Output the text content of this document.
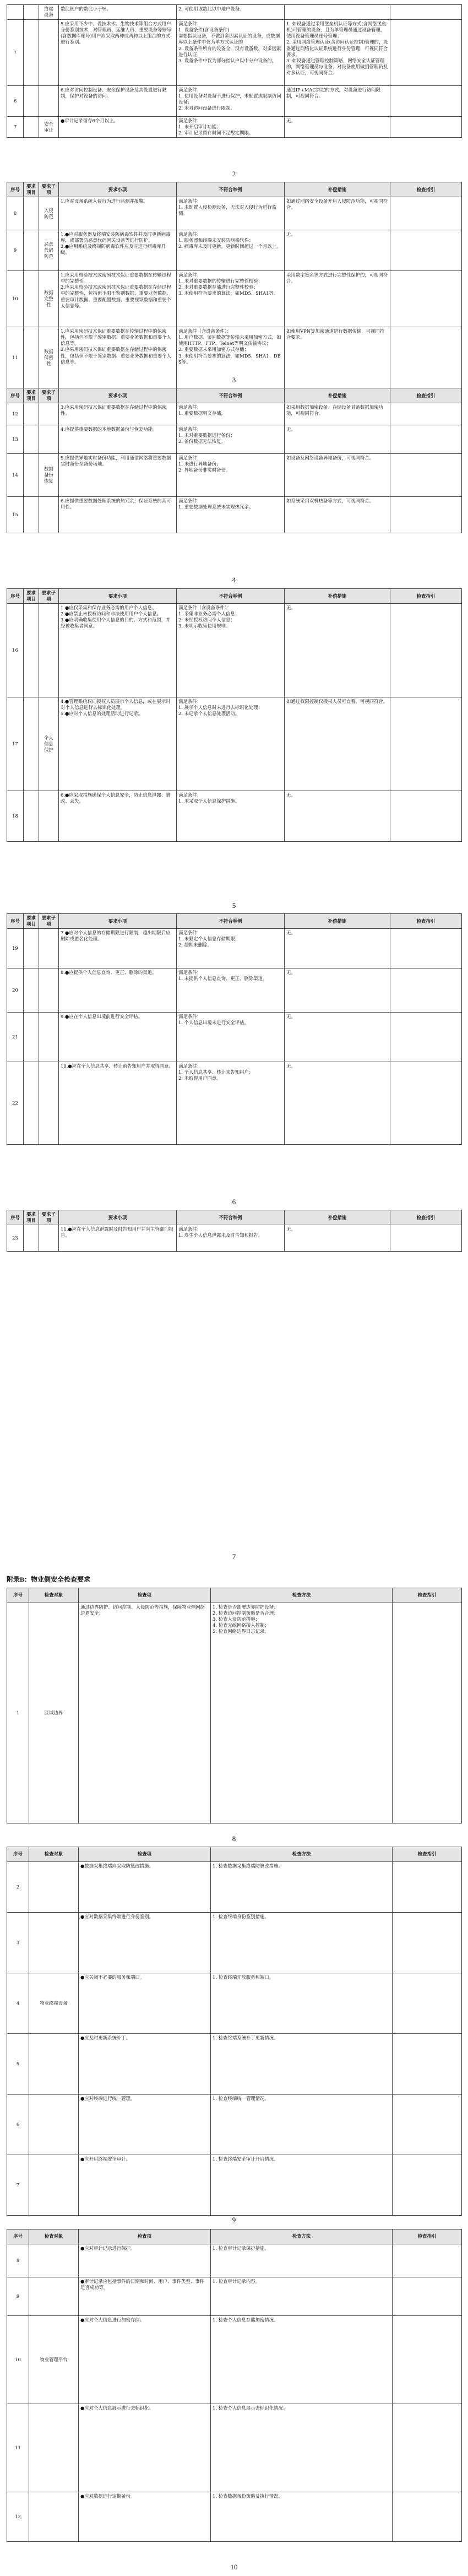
		终端
设备	数比例户的数比小于%。	2. 可使用该数比以中地户设备。		
7			5.应采用不少中、设技术术、生物技术等组合方式用户身份鉴别技术，对管理员、运维人员、重要设备等账号(含数据库账号)用户应采取两种或两种以上组合的方式进行鉴别。	满足条件：
1. 设备条件(含设备条件)
需要指认设备，不做到多因素认证的设备，或数据库以上条件中仅为单方式认证的
2. 设备条件所有的设备全，没有设备数，对多因素进行认证
3. 设备条件中仅为部分指认户以中分户设备的。	1. 如设备通过采用堡垒机认证等方式(含网络堡垒机)可管理的设备，且为单管理员通过设备管理，使用设备管理员账号管理；
2. 采用网络管理认证(含访问认证控制)管理的，设备通过网络化认证系统进行身份管理，可视同符合要求。
3. 如设备通过管理控制策略，网络安全认证管理的，网络管理员与设备，对设备使用做到管理员及对多认证，可视同符合。	
6			6.应对访问控制设备、安全保护设备及其设置进行限制，保护对设备的访问。	满足条件：
1. 使用设备对设备不进行保护，未配置或限制访问设备；
2. 未对访问设备进行限制。	通过IP+MAC绑定的方式，对设备进行访问限制，可视同符合。	
7		安全
审计	●审计记录留存6个月以上。	满足条件：
1. 未开启审计功能；
2. 审计记录留存时间不足规定期限。	无。	
2
序号	要求项目	要求子项	要求小项	不符合举例	补偿措施	检查指引
8		入侵
防范	1.应对设备系统入侵行为进行监测并报警。	满足条件：
1. 未配置入侵检测设备，无法对入侵行为进行监测。	如通过网络安全设备开启入侵防范功能，可视同符合。	
9		恶意
代码
防范	1.●应对服务器及终端安装防病毒软件并及时更新病毒库，或部署防恶意代码网关设备等进行防护。
2.●应用系统及终端防病毒软件应及时进行病毒库升级。	满足条件：
1. 服务器和终端未安装防病毒软件；
2. 病毒库未及时更新，更新时间超过一个月以上。	无。	
10		数据
完整
性	1.应采用校验技术或密码技术保证重要数据在传输过程中的完整性。
2.应采用校验技术或密码技术保证重要数据在存储过程中的完整性，包括但不限于鉴别数据、重要业务数据、重要审计数据、重要配置数据、重要视频数据和重要个人信息等。	满足条件：
1. 未对重要数据的传输进行完整性校验；
2. 未对重要数据存储进行完整性校验；
3. 未使用符合要求的算法，如MD5、SHA1等。	采用数字签名等方式进行完整性保护的，可视同符合。	
11		数据
保密
性	1.应采用密码技术保证重要数据在传输过程中的保密性，包括但不限于鉴别数据、重要业务数据和重要个人信息等。
2.应采用密码技术保证重要数据在存储过程中的保密性，包括但不限于鉴别数据、重要业务数据和重要个人信息等。	满足条件（含设备条件）：
1. 用户数据、鉴别数据等传输未采用加密方式，如使用HTTP、FTP、Telnet等明文传输协议；
2. 重要数据未采用加密方式存储；
3. 未使用符合要求的算法，如MD5、SHA1、DES等。	如使用VPN等加密通道进行数据传输，可视同符合要求。	
3
序号	要求项目	要求子项	要求小项	不符合举例	补偿措施	检查指引
12			3.应采用密码技术保证重要数据在存储过程中的保密性。	满足条件：
1. 重要数据明文存储。	如采用数据加密设备、存储设备具备数据加密功能，可视同符合。	
13			4.应提供重要数据的本地数据备份与恢复功能。	满足条件：
1. 未对重要数据进行备份；
2. 备份数据无法恢复。	无。	
14		数据
备份
恢复	5.应提供异地实时备份功能，利用通信网络将重要数据实时备份至备份场地。	满足条件：
1. 未进行异地备份；
2. 异地备份非实时备份。	如设备及网络设备异地备份，可视同符合。	
15			6.应提供重要数据处理系统的热冗余，保证系统的高可用性。	满足条件：
1. 重要数据处理系统未实现热冗余。	如系统采用双机热备等方式，可视同符合。	
4
序号	要求项目	要求子项	要求小项	不符合举例	补偿措施	检查指引
16			1.●应仅采集和保存业务必需的用户个人信息。
2.●应禁止未授权访问和非法使用用户个人信息。
3.●应明确收集使用个人信息的目的、方式和范围，并经被收集者同意。	满足条件（含设备条件）：
1. 采集非业务必需个人信息；
2. 未经授权访问个人信息；
3. 未明示收集使用规则。	无。	
17		个人
信息
保护	4.●管理系统仅向授权人员展示个人信息，或在展示时对个人信息进行去标识化处理。
5.●应对个人信息的处理活动进行记录。	满足条件：
1. 展示个人信息时未进行去标识化处理；
2. 未记录个人信息处理活动。	如通过权限控制仅授权人员可查看，可视同符合。	
18			6.●应采取措施确保个人信息安全，防止信息泄露、篡改、丢失。	满足条件：
1. 未采取个人信息保护措施。	无。	
5
序号	要求项目	要求子项	要求小项	不符合举例	补偿措施	检查指引
19			7.●应对个人信息的存储期限进行限制，超出期限后应删除或匿名化处理。	满足条件：
1. 未限定个人信息存储期限；
2. 超期未删除。	无。	
20			8.●应提供个人信息查询、更正、删除的渠道。	满足条件：
1. 未提供个人信息查询、更正、删除渠道。	无。	
21			9.●应在个人信息出境前进行安全评估。	满足条件：
1. 个人信息出境未进行安全评估。	无。	
22			10.●应在个人信息共享、转让前告知用户并取得同意。	满足条件：
1. 个人信息共享、转让未告知用户；
2. 未取得用户同意。	无。	
6
序号	要求项目	要求子项	要求小项	不符合举例	补偿措施	检查指引
23			11.●应在个人信息泄露时及时告知用户并向主管部门报告。	满足条件：
1. 发生个人信息泄露未及时告知和报告。	无。	
7
附录B：物业侧安全检查要求
序号	检查对象	检查项	检查方法	检查指引
1	区域边界	通过边界防护、访问控制、入侵防范等措施，保障物业侧网络边界安全。	1. 检查是否部署边界防护设备；
2. 检查访问控制策略是否合理；
3. 检查入侵防范措施；
4. 检查无线网络接入控制；
5. 检查网络边界日志记录。	
8
序号	检查对象	检查项	检查方法	检查指引
2		●数据采集终端应采取防篡改措施。	1. 检查数据采集终端防篡改措施。	
3		●应对数据采集终端进行身份鉴别。	1. 检查终端身份鉴别措施。	
4	物业终端设备	●应关闭不必要的服务和端口。	1. 检查终端开放服务和端口。	
5		●应及时更新系统补丁。	1. 检查终端系统补丁更新情况。	
6		●应对终端进行统一管理。	1. 检查终端统一管理情况。	
7		●应开启终端安全审计。	1. 检查终端安全审计开启情况。	
9
序号	检查对象	检查项	检查方法	检查指引
8		●应对审计记录进行保护。	1. 检查审计记录保护措施。	
9		●审计记录应包括事件的日期和时间、用户、事件类型、事件是否成功等。	1. 检查审计记录内容。	
10	物业管理平台	●应对个人信息进行加密存储。	1. 检查个人信息存储加密情况。	
11		●应对个人信息展示进行去标识化。	1. 检查个人信息展示去标识化情况。	
12		●应对数据进行定期备份。	1. 检查数据备份策略及执行情况。	
10
